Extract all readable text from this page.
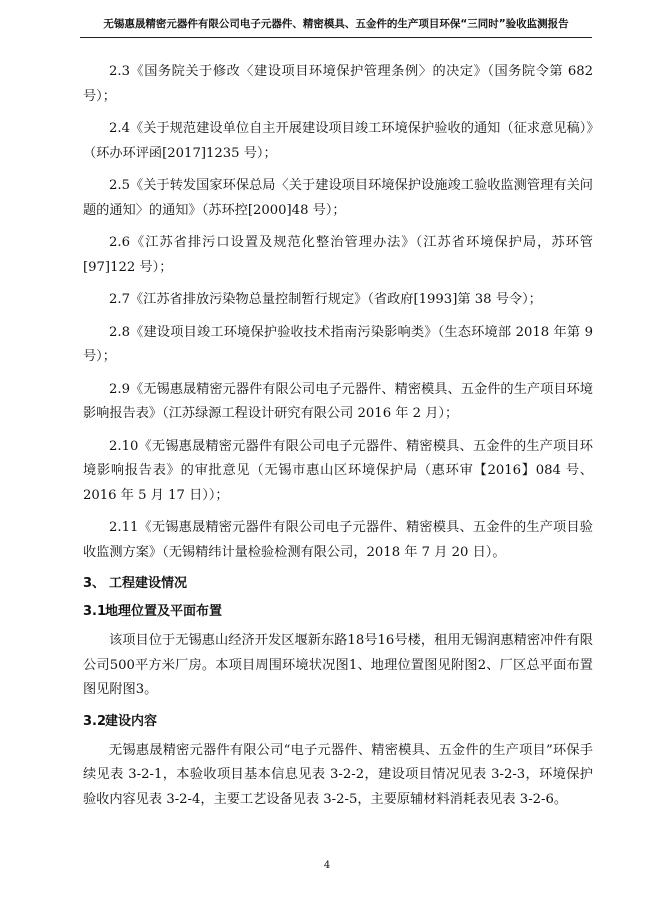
无锡惠晟精密元器件有限公司电子元器件、精密模具、五金件的生产项目环保“三同时”验收监测报告

2.3《国务院关于修改〈建设项目环境保护管理条例〉的决定》（国务院令第 682 号）；

2.4《关于规范建设单位自主开展建设项目竣工环境保护验收的通知（征求意见稿）》（环办环评函[2017]1235 号）；

2.5《关于转发国家环保总局〈关于建设项目环境保护设施竣工验收监测管理有关问题的通知〉的通知》（苏环控[2000]48 号）；

2.6《江苏省排污口设置及规范化整治管理办法》（江苏省环境保护局，苏环管[97]122 号）；

2.7《江苏省排放污染物总量控制暂行规定》（省政府[1993]第 38 号令）；

2.8《建设项目竣工环境保护验收技术指南污染影响类》（生态环境部 2018 年第 9 号）；

2.9《无锡惠晟精密元器件有限公司电子元器件、精密模具、五金件的生产项目环境影响报告表》（江苏绿源工程设计研究有限公司 2016 年 2 月）；

2.10《无锡惠晟精密元器件有限公司电子元器件、精密模具、五金件的生产项目环境影响报告表》的审批意见（无锡市惠山区环境保护局（惠环审【2016】084 号、2016 年 5 月 17 日））；

2.11《无锡惠晟精密元器件有限公司电子元器件、精密模具、五金件的生产项目验收监测方案》（无锡精纬计量检验检测有限公司，2018 年 7 月 20 日）。

3、 工程建设情况
3.1地理位置及平面布置

该项目位于无锡惠山经济开发区堰新东路18号16号楼，租用无锡润惠精密冲件有限公司500平方米厂房。本项目周围环境状况图1、地理位置图见附图2、厂区总平面布置图见附图3。

3.2建设内容

无锡惠晟精密元器件有限公司“电子元器件、精密模具、五金件的生产项目”环保手续见表 3-2-1，本验收项目基本信息见表 3-2-2，建设项目情况见表 3-2-3，环境保护验收内容见表 3-2-4，主要工艺设备见表 3-2-5，主要原辅材料消耗表见表 3-2-6。

4
